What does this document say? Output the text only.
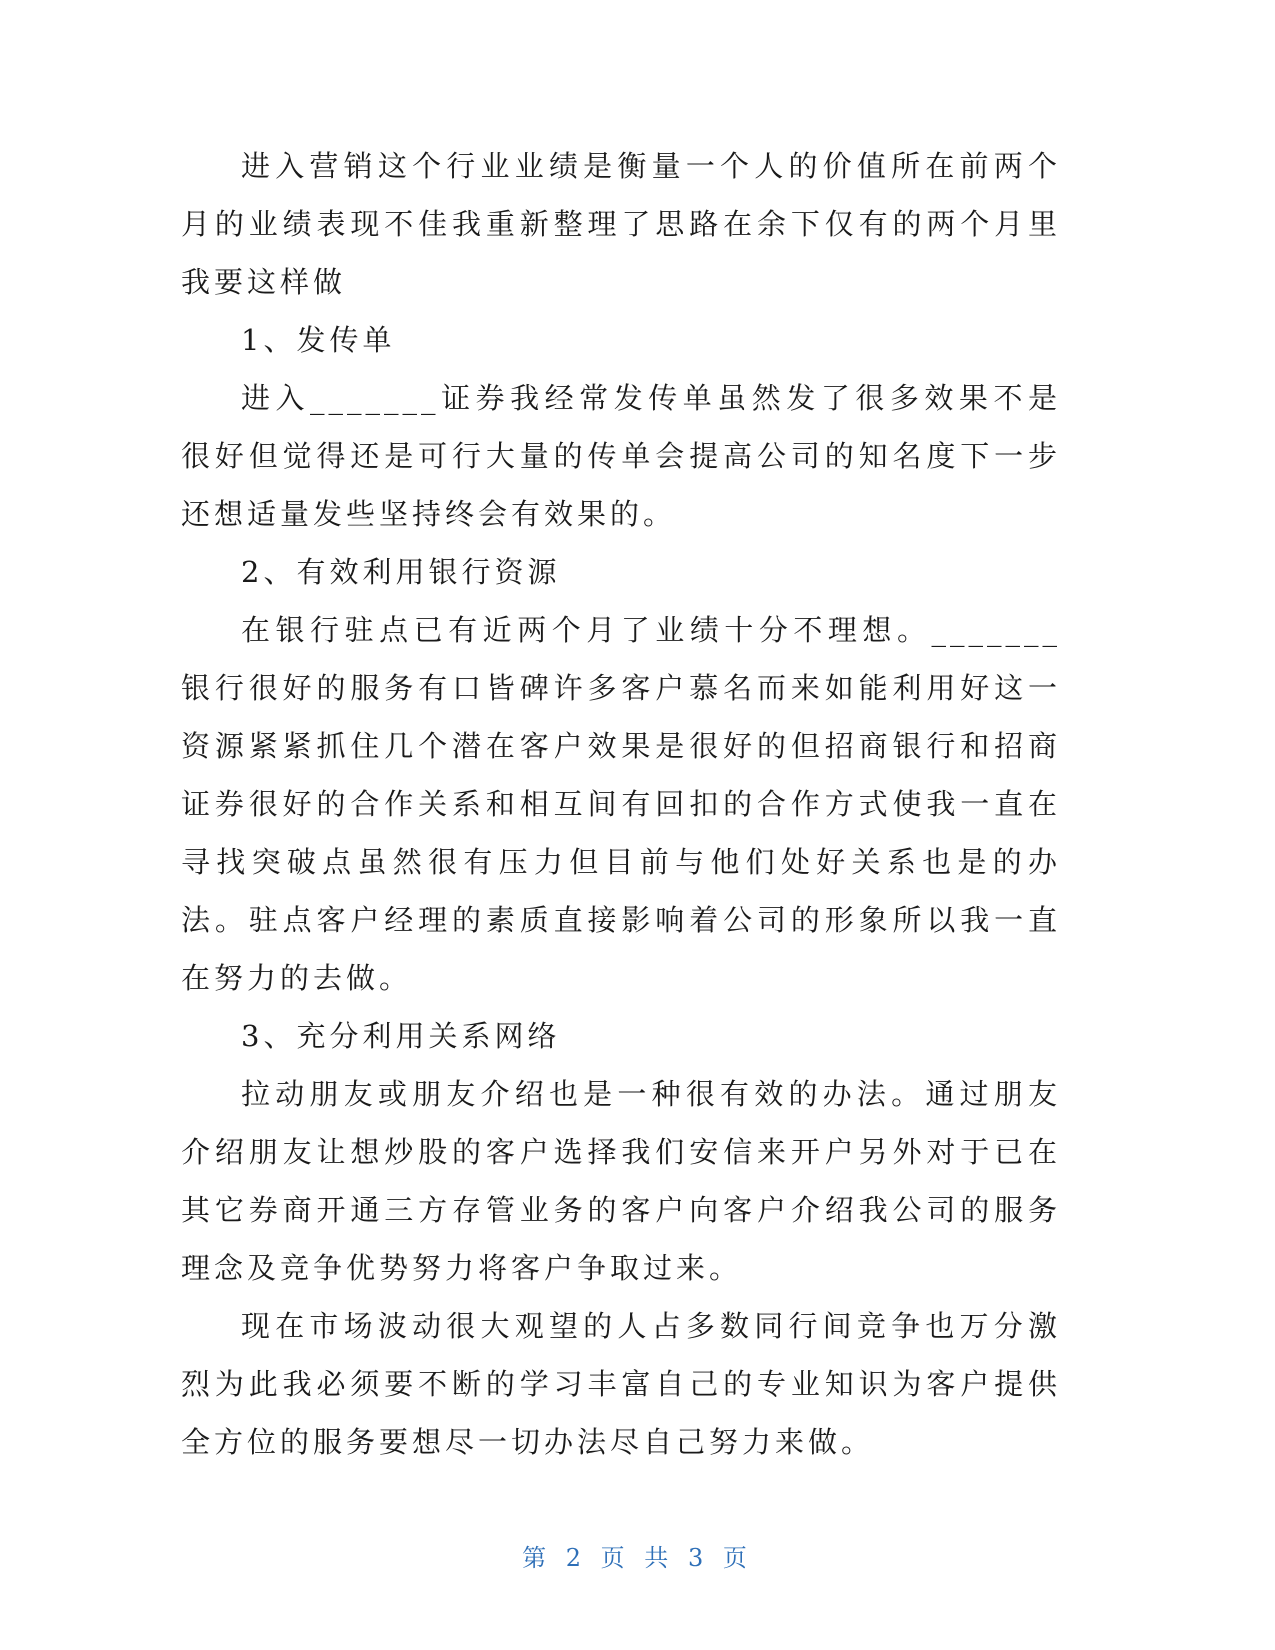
进入营销这个行业业绩是衡量一个人的价值所在前两个月的业绩表现不佳我重新整理了思路在余下仅有的两个月里我要这样做

1、发传单

进入_______证券我经常发传单虽然发了很多效果不是很好但觉得还是可行大量的传单会提高公司的知名度下一步还想适量发些坚持终会有效果的。

2、有效利用银行资源

在银行驻点已有近两个月了业绩十分不理想。_______银行很好的服务有口皆碑许多客户慕名而来如能利用好这一资源紧紧抓住几个潜在客户效果是很好的但招商银行和招商证券很好的合作关系和相互间有回扣的合作方式使我一直在寻找突破点虽然很有压力但目前与他们处好关系也是的办法。驻点客户经理的素质直接影响着公司的形象所以我一直在努力的去做。

3、充分利用关系网络

拉动朋友或朋友介绍也是一种很有效的办法。通过朋友介绍朋友让想炒股的客户选择我们安信来开户另外对于已在其它券商开通三方存管业务的客户向客户介绍我公司的服务理念及竞争优势努力将客户争取过来。

现在市场波动很大观望的人占多数同行间竞争也万分激烈为此我必须要不断的学习丰富自己的专业知识为客户提供全方位的服务要想尽一切办法尽自己努力来做。

第 2 页 共 3 页
